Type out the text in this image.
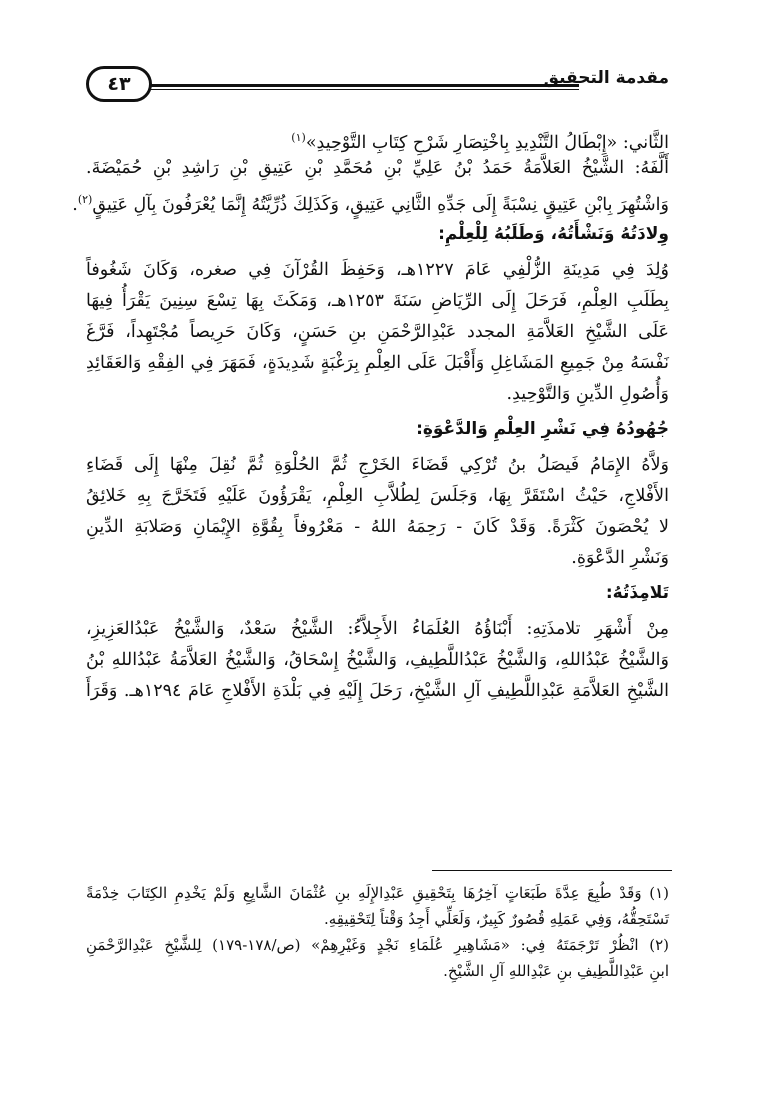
٤٣	مقدمة التحقيق
الثَّاني: «إِبْطَالُ التَّنْدِيدِ بِاخْتِصَارِ شَرْحِ كِتَابِ التَّوْحِيدِ»$^{(١)}$
أَلَّفَهُ: الشَّيْخُ العَلاَّمَةُ حَمَدُ بْنُ عَلِيِّ بْنِ مُحَمَّدِ بْنِ عَتِيقِ بْنِ رَاشِدِ بْنِ حُمَيْضَةَ.
وَاشْتُهِرَ بِابْنِ عَتِيقٍ نِسْبَةً إِلَى جَدِّهِ الثَّانِي عَتِيقٍ، وَكَذَلِكَ ذُرِّيَّتُهُ إِنَّمَا يُعْرَفُونَ بِآلِ عَتِيقٍ$^{(٢)}$.
وِلادَتُهُ وَنَشْأَتُهُ، وَطَلَبُهُ لِلْعِلْمِ:
وُلِدَ فِي مَدِينَةِ الزُّلْفِي عَامَ ١٢٢٧هـ، وَحَفِظَ القُرْآنَ فِي صغره، وَكَانَ شَغُوفاً
بِطَلَبِ العِلْمِ، فَرَحَلَ إِلَى الرِّيَاضِ سَنَةَ ١٢٥٣هـ، وَمَكَثَ بِهَا تِسْعَ سِنِينَ يَقْرَأُ فِيهَا
عَلَى الشَّيْخِ العَلاَّمَةِ المجدد عَبْدِالرَّحْمَنِ بنِ حَسَنٍ، وَكَانَ حَرِيصاً مُجْتَهِداً، فَرَّغَ
نَفْسَهُ مِنْ جَمِيعِ المَشَاغِلِ وَأَقْبَلَ عَلَى العِلْمِ بِرَغْبَةٍ شَدِيدَةٍ، فَمَهَرَ فِي الفِقْهِ وَالعَقَائِدِ
وَأُصُولِ الدِّينِ وَالتَّوْحِيدِ.
جُهُودُهُ فِي نَشْرِ العِلْمِ وَالدَّعْوَةِ:
وَلاَّهُ الإِمَامُ فَيصَلُ بنُ تُرْكِي قَضَاءَ الخَرْجِ ثُمَّ الحُلْوَةِ ثُمَّ نُقِلَ مِنْهَا إِلَى قَضَاءِ
الأَفْلاجِ، حَيْثُ اسْتَقَرَّ بِهَا، وَجَلَسَ لِطُلاَّبِ العِلْمِ، يَقْرَؤُونَ عَلَيْهِ فَتَخَرَّجَ بِهِ خَلائِقُ
لا يُحْصَونَ كَثْرَةً. وَقَدْ كَانَ - رَحِمَهُ اللهُ - مَعْرُوفاً بِقُوَّةِ الإِيْمَانِ وَصَلابَةِ الدِّينِ
وَنَشْرِ الدَّعْوَةِ.
تَلامِذَتُهُ:
مِنْ أَشْهَرِ تلامذَتِهِ: أَبْنَاؤُهُ العُلَمَاءُ الأَجِلاَّءُ: الشَّيْخُ سَعْدٌ، وَالشَّيْخُ عَبْدُالعَزِيزِ،
وَالشَّيْخُ عَبْدُاللهِ، وَالشَّيْخُ عَبْدُاللَّطِيفِ، وَالشَّيْخُ إِسْحَاقُ، وَالشَّيْخُ العَلاَّمَةُ عَبْدُاللهِ بْنُ
الشَّيْخِ العَلاَّمَةِ عَبْدِاللَّطِيفِ آلِ الشَّيْخِ، رَحَلَ إِلَيْهِ فِي بَلْدَةِ الأَفْلاجِ عَامَ ١٢٩٤هـ. وَقَرَأَ
(١) وَقَدْ طُبِعَ عِدَّةَ طَبَعَاتٍ آخِرُهَا بِتَحْقِيقِ عَبْدِالإِلَهِ بنِ عُثْمَانَ الشَّايِعِ وَلَمْ يَخْدِمِ الكِتَابَ خِدْمَةً
تَسْتَحِقُّهُ، وَفِي عَمَلِهِ قُصُورٌ كَبِيرٌ، وَلَعَلِّي أَجِدُ وَقْتاً لِتَحْقِيقِهِ.
(٢) انْظُرْ تَرْجَمَتَهُ فِي: «مَشَاهِيرِ عُلَمَاءِ نَجْدٍ وَغَيْرِهِمْ» (ص/١٧٨-١٧٩) لِلشَّيْخِ عَبْدِالرَّحْمَنِ
ابنِ عَبْدِاللَّطِيفِ بنِ عَبْدِاللهِ آلِ الشَّيْخِ.
